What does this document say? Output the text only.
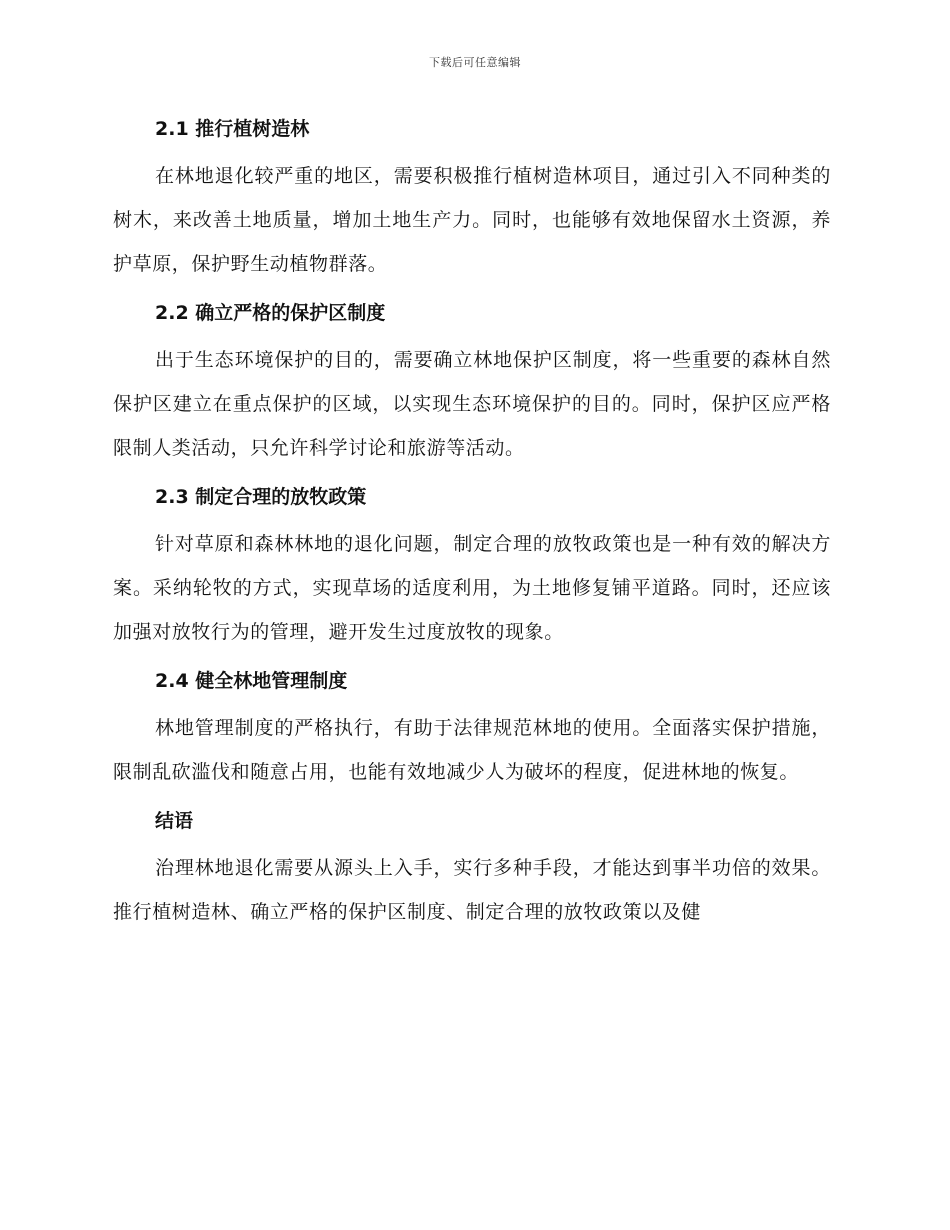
下载后可任意编辑
2.1 推行植树造林

在林地退化较严重的地区，需要积极推行植树造林项目，通过引入不同种类的树木，来改善土地质量，增加土地生产力。同时，也能够有效地保留水土资源，养护草原，保护野生动植物群落。

2.2 确立严格的保护区制度

出于生态环境保护的目的，需要确立林地保护区制度，将一些重要的森林自然保护区建立在重点保护的区域，以实现生态环境保护的目的。同时，保护区应严格限制人类活动，只允许科学讨论和旅游等活动。

2.3 制定合理的放牧政策

针对草原和森林林地的退化问题，制定合理的放牧政策也是一种有效的解决方案。采纳轮牧的方式，实现草场的适度利用，为土地修复铺平道路。同时，还应该加强对放牧行为的管理，避开发生过度放牧的现象。

2.4 健全林地管理制度

林地管理制度的严格执行，有助于法律规范林地的使用。全面落实保护措施，限制乱砍滥伐和随意占用，也能有效地减少人为破坏的程度，促进林地的恢复。

结语

治理林地退化需要从源头上入手，实行多种手段，才能达到事半功倍的效果。推行植树造林、确立严格的保护区制度、制定合理的放牧政策以及健
